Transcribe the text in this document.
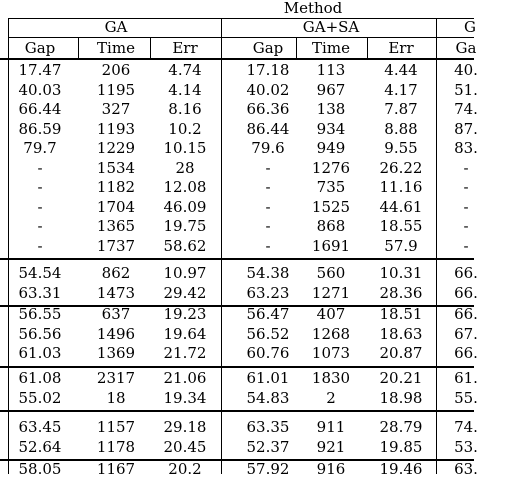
Method
GA	GA+SA	G
Gap	Time	Err	Gap	Time	Err	Ga
17.47	206	4.74	17.18	113	4.44	40.
40.03	1195	4.14	40.02	967	4.17	51.
66.44	327	8.16	66.36	138	7.87	74.
86.59	1193	10.2	86.44	934	8.88	87.
79.7	1229	10.15	79.6	949	9.55	83.
-	1534	28	-	1276	26.22	-
-	1182	12.08	-	735	11.16	-
-	1704	46.09	-	1525	44.61	-
-	1365	19.75	-	868	18.55	-
-	1737	58.62	-	1691	57.9	-
54.54	862	10.97	54.38	560	10.31	66.
63.31	1473	29.42	63.23	1271	28.36	66.
56.55	637	19.23	56.47	407	18.51	66.
56.56	1496	19.64	56.52	1268	18.63	67.
61.03	1369	21.72	60.76	1073	20.87	66.
61.08	2317	21.06	61.01	1830	20.21	61.
55.02	18	19.34	54.83	2	18.98	55.
63.45	1157	29.18	63.35	911	28.79	74.
52.64	1178	20.45	52.37	921	19.85	53.
58.05	1167	20.2	57.92	916	19.46	63.
